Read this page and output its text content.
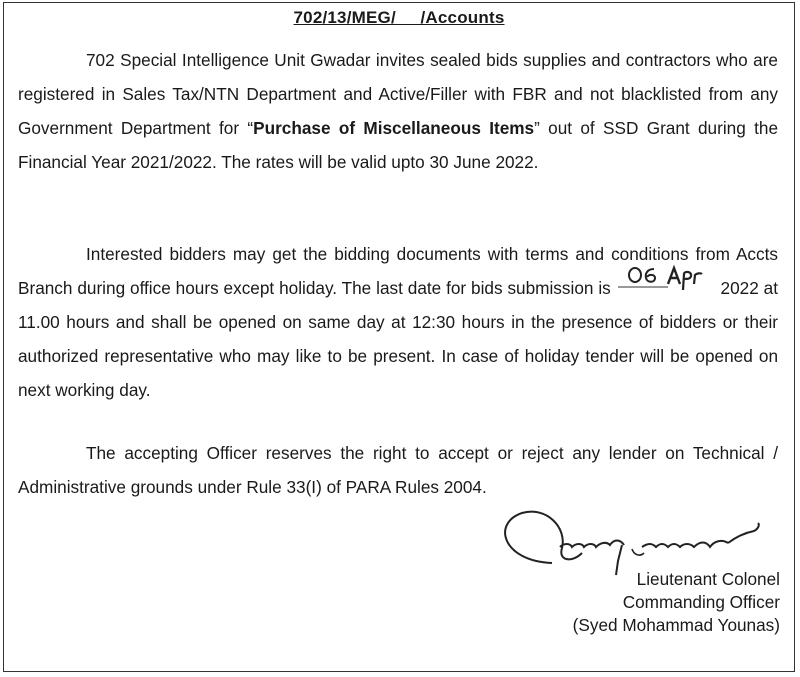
702/13/MEG/     /Accounts
702 Special Intelligence Unit Gwadar invites sealed bids supplies and contractors who are registered in Sales Tax/NTN Department and Active/Filler with FBR and not blacklisted from any Government Department for “Purchase of Miscellaneous Items” out of SSD Grant during the Financial Year 2021/2022. The rates will be valid upto 30 June 2022.
Interested bidders may get the bidding documents with terms and conditions from Accts Branch during office hours except holiday. The last date for bids submission is	2022 at 11.00 hours and shall be opened on same day at 12:30 hours in the presence of bidders or their authorized representative who may like to be present. In case of holiday tender will be opened on next working day.
The accepting Officer reserves the right to accept or reject any lender on Technical / Administrative grounds under Rule 33(I) of PARA Rules 2004.
Lieutenant Colonel
Commanding Officer
(Syed Mohammad Younas)
